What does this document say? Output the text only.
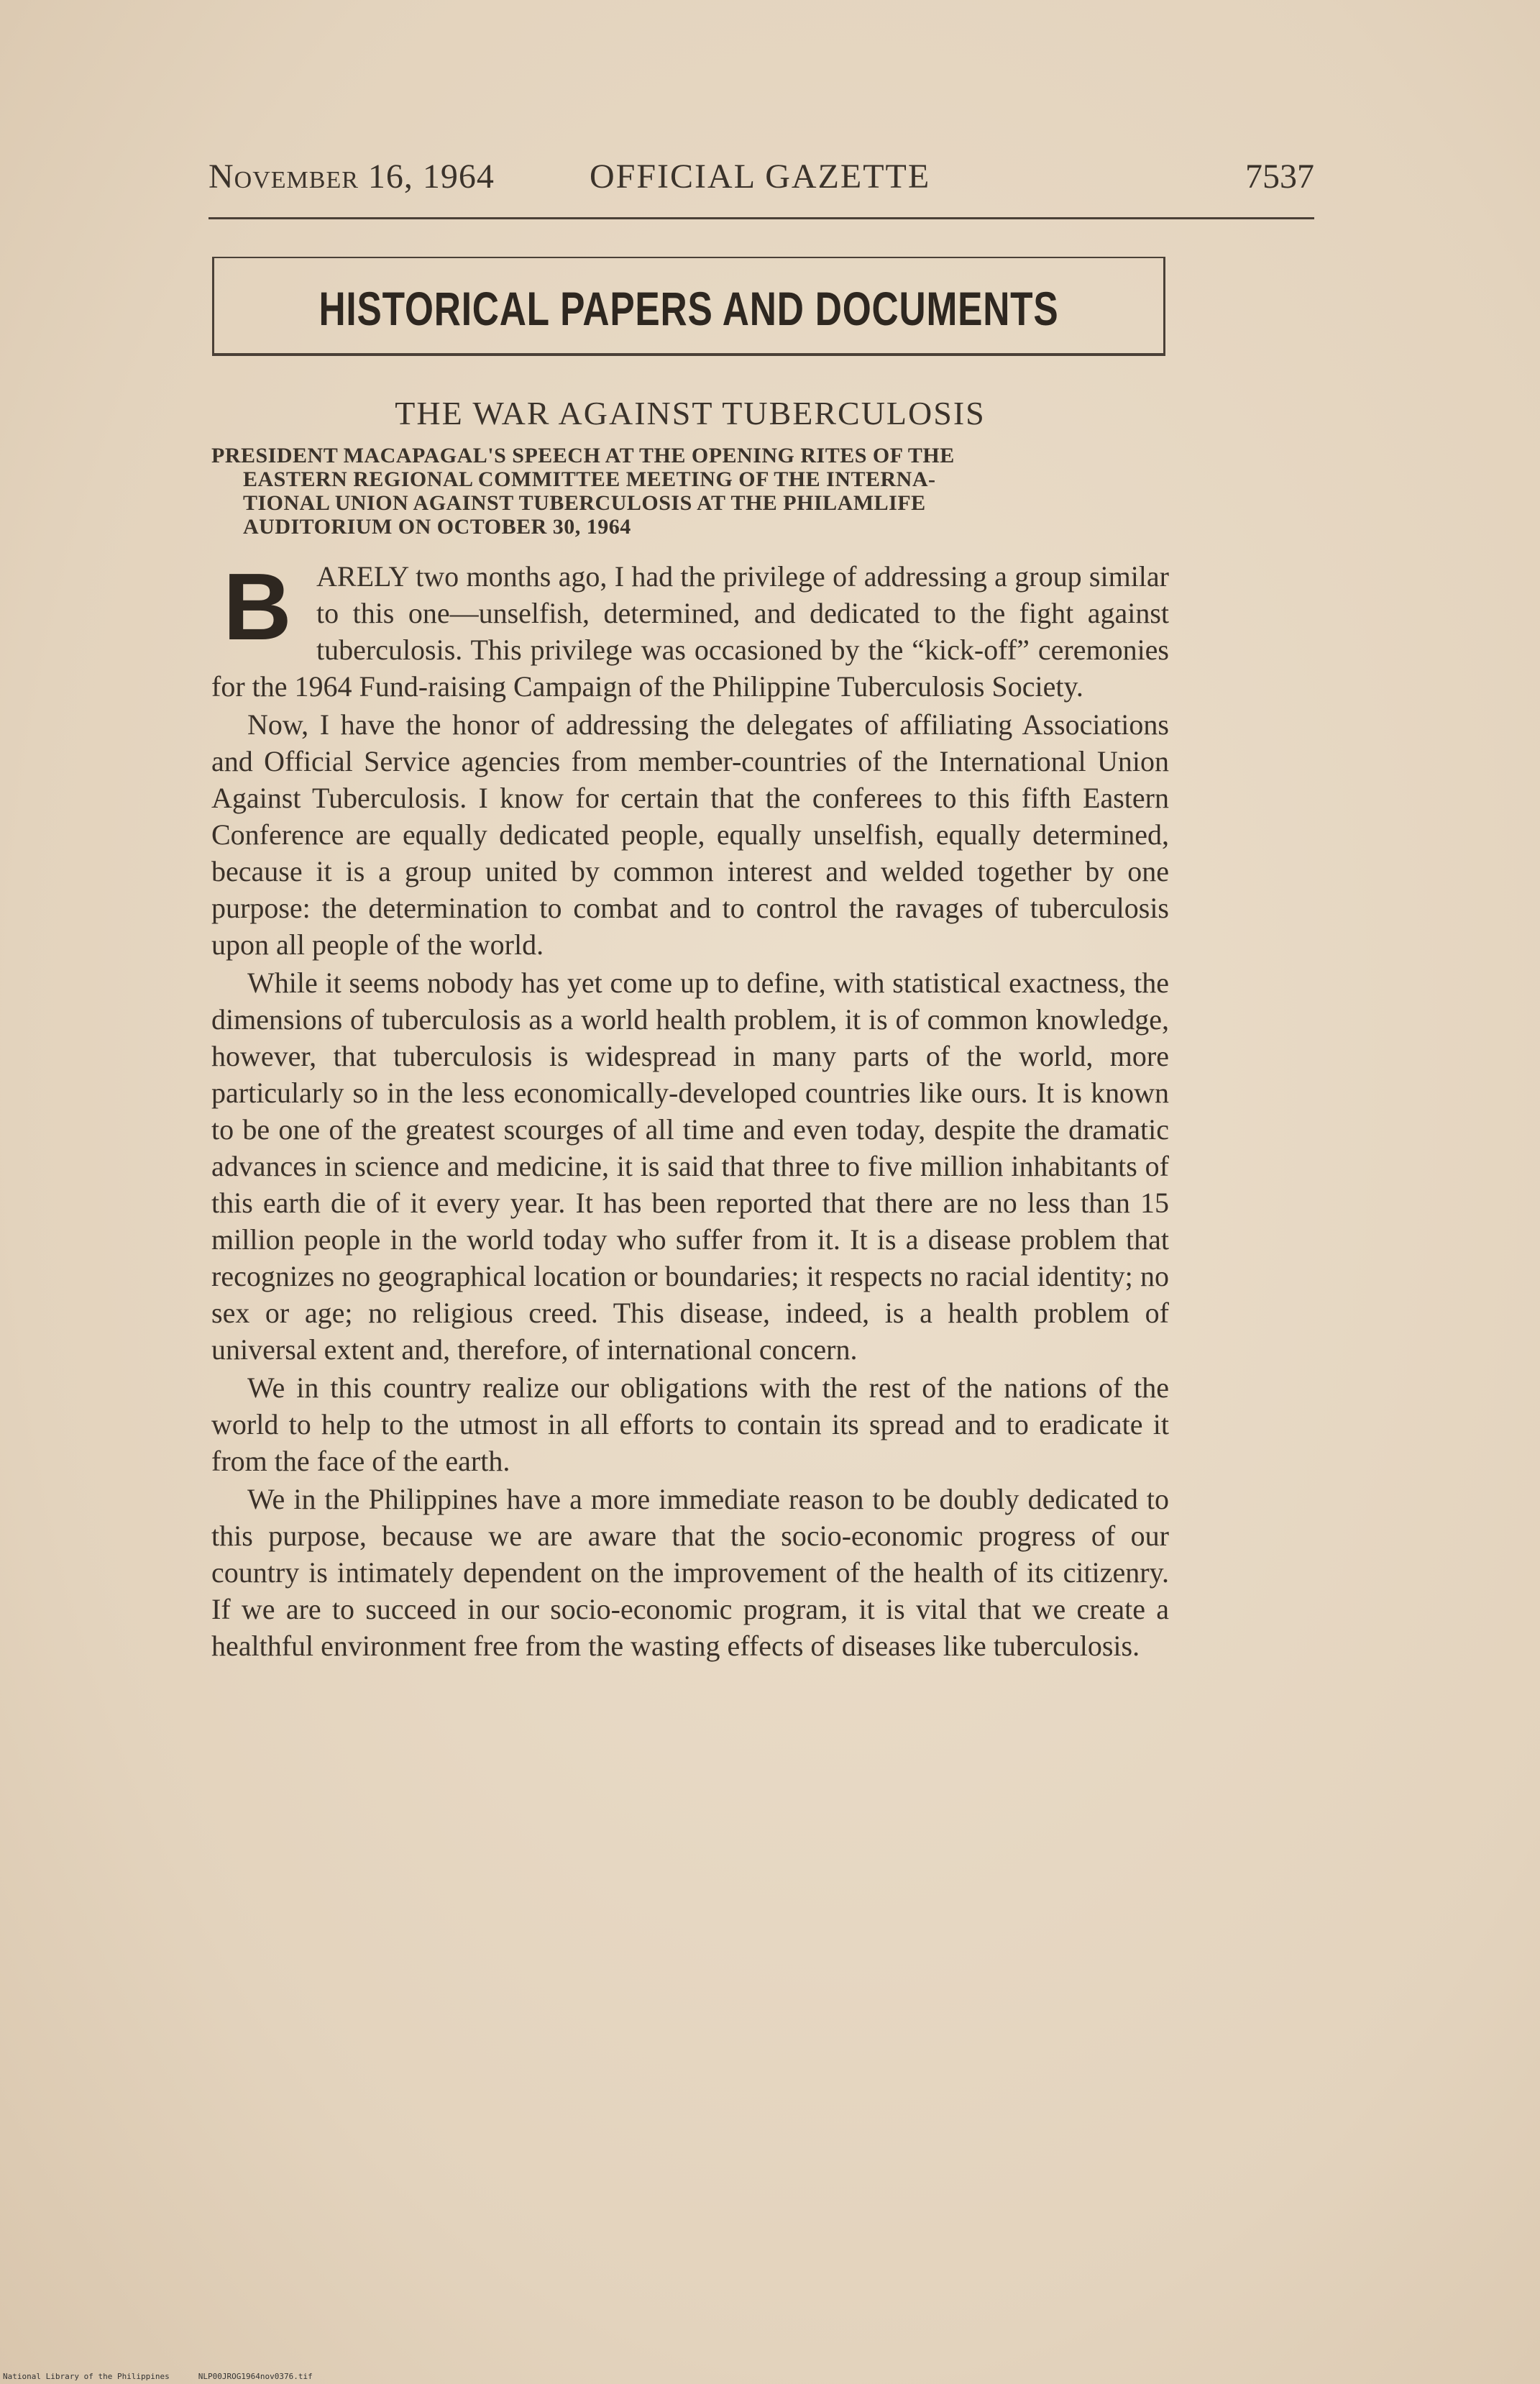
November 16, 1964	OFFICIAL GAZETTE	7537
HISTORICAL PAPERS AND DOCUMENTS
THE WAR AGAINST TUBERCULOSIS
PRESIDENT MACAPAGAL'S SPEECH AT THE OPENING RITES OF THE
EASTERN REGIONAL COMMITTEE MEETING OF THE INTERNA-
TIONAL UNION AGAINST TUBERCULOSIS AT THE PHILAMLIFE
AUDITORIUM ON OCTOBER 30, 1964

BARELY two months ago, I had the privilege of addressing a group similar to this one—unselfish, determined, and dedicated to the fight against tuberculosis. This privilege was occasioned by the “kick-off” ceremonies for the 1964 Fund-raising Campaign of the Philippine Tuberculosis Society.

Now, I have the honor of addressing the delegates of affiliating Associations and Official Service agencies from member-countries of the International Union Against Tuberculosis. I know for certain that the conferees to this fifth Eastern Conference are equally dedicated people, equally unselfish, equally determined, because it is a group united by common interest and welded together by one purpose: the determination to combat and to control the ravages of tuberculosis upon all people of the world.

While it seems nobody has yet come up to define, with statistical exactness, the dimensions of tuberculosis as a world health problem, it is of common knowledge, however, that tuberculosis is widespread in many parts of the world, more particularly so in the less economically-developed countries like ours. It is known to be one of the greatest scourges of all time and even today, despite the dramatic advances in science and medicine, it is said that three to five million inhabitants of this earth die of it every year. It has been reported that there are no less than 15 million people in the world today who suffer from it. It is a disease problem that recognizes no geographical location or boundaries; it respects no racial identity; no sex or age; no religious creed. This disease, indeed, is a health problem of universal extent and, therefore, of international concern.

We in this country realize our obligations with the rest of the nations of the world to help to the utmost in all efforts to contain its spread and to eradicate it from the face of the earth.

We in the Philippines have a more immediate reason to be doubly dedicated to this purpose, because we are aware that the socio-economic progress of our country is intimately dependent on the improvement of the health of its citizenry. If we are to succeed in our socio-economic program, it is vital that we create a healthful environment free from the wasting effects of diseases like tuberculosis.

National Library of the Philippines	NLP00JROG1964nov0376.tif
